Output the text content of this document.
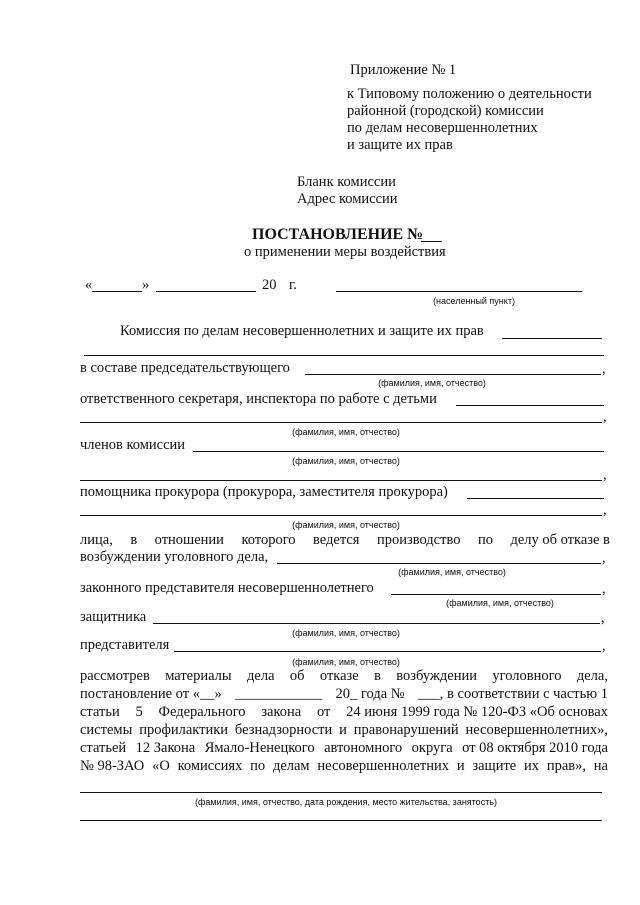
Приложение № 1
к Типовому положению о деятельности
районной (городской) комиссии
по делам несовершеннолетних
и защите их прав
Бланк комиссии
Адрес комиссии
ПОСТАНОВЛЕНИЕ №
о применении меры воздействия
«	»	20 г.
(населенный пункт)
Комиссия по делам несовершеннолетних и защите их прав
в составе председательствующего	,
(фамилия, имя, отчество)
ответственного секретаря, инспектора по работе с детьми
,
(фамилия, имя, отчество)
членов комиссии
(фамилия, имя, отчество)
,
помощника прокурора (прокурора, заместителя прокурора)
,
(фамилия, имя, отчество)
лица, в отношении которого ведется производство по делу об отказе в
возбуждении уголовного дела,	,
(фамилия, имя, отчество)
законного представителя несовершеннолетнего	,
(фамилия, имя, отчество)
защитника	,
(фамилия, имя, отчество)
представителя	,
(фамилия, имя, отчество)
рассмотрев материалы дела об отказе в возбуждении уголовного дела,
постановление от «__» ____________ 20_ года № ___, в соответствии с частью 1
статьи 5 Федерального закона от 24 июня 1999 года № 120-ФЗ «Об основах
системы профилактики безнадзорности и правонарушений несовершеннолетних»,
статьей 12 Закона Ямало-Ненецкого автономного округа от 08 октября 2010 года
№ 98-ЗАО «О комиссиях по делам несовершеннолетних и защите их прав», на
(фамилия, имя, отчество, дата рождения, место жительства, занятость)
